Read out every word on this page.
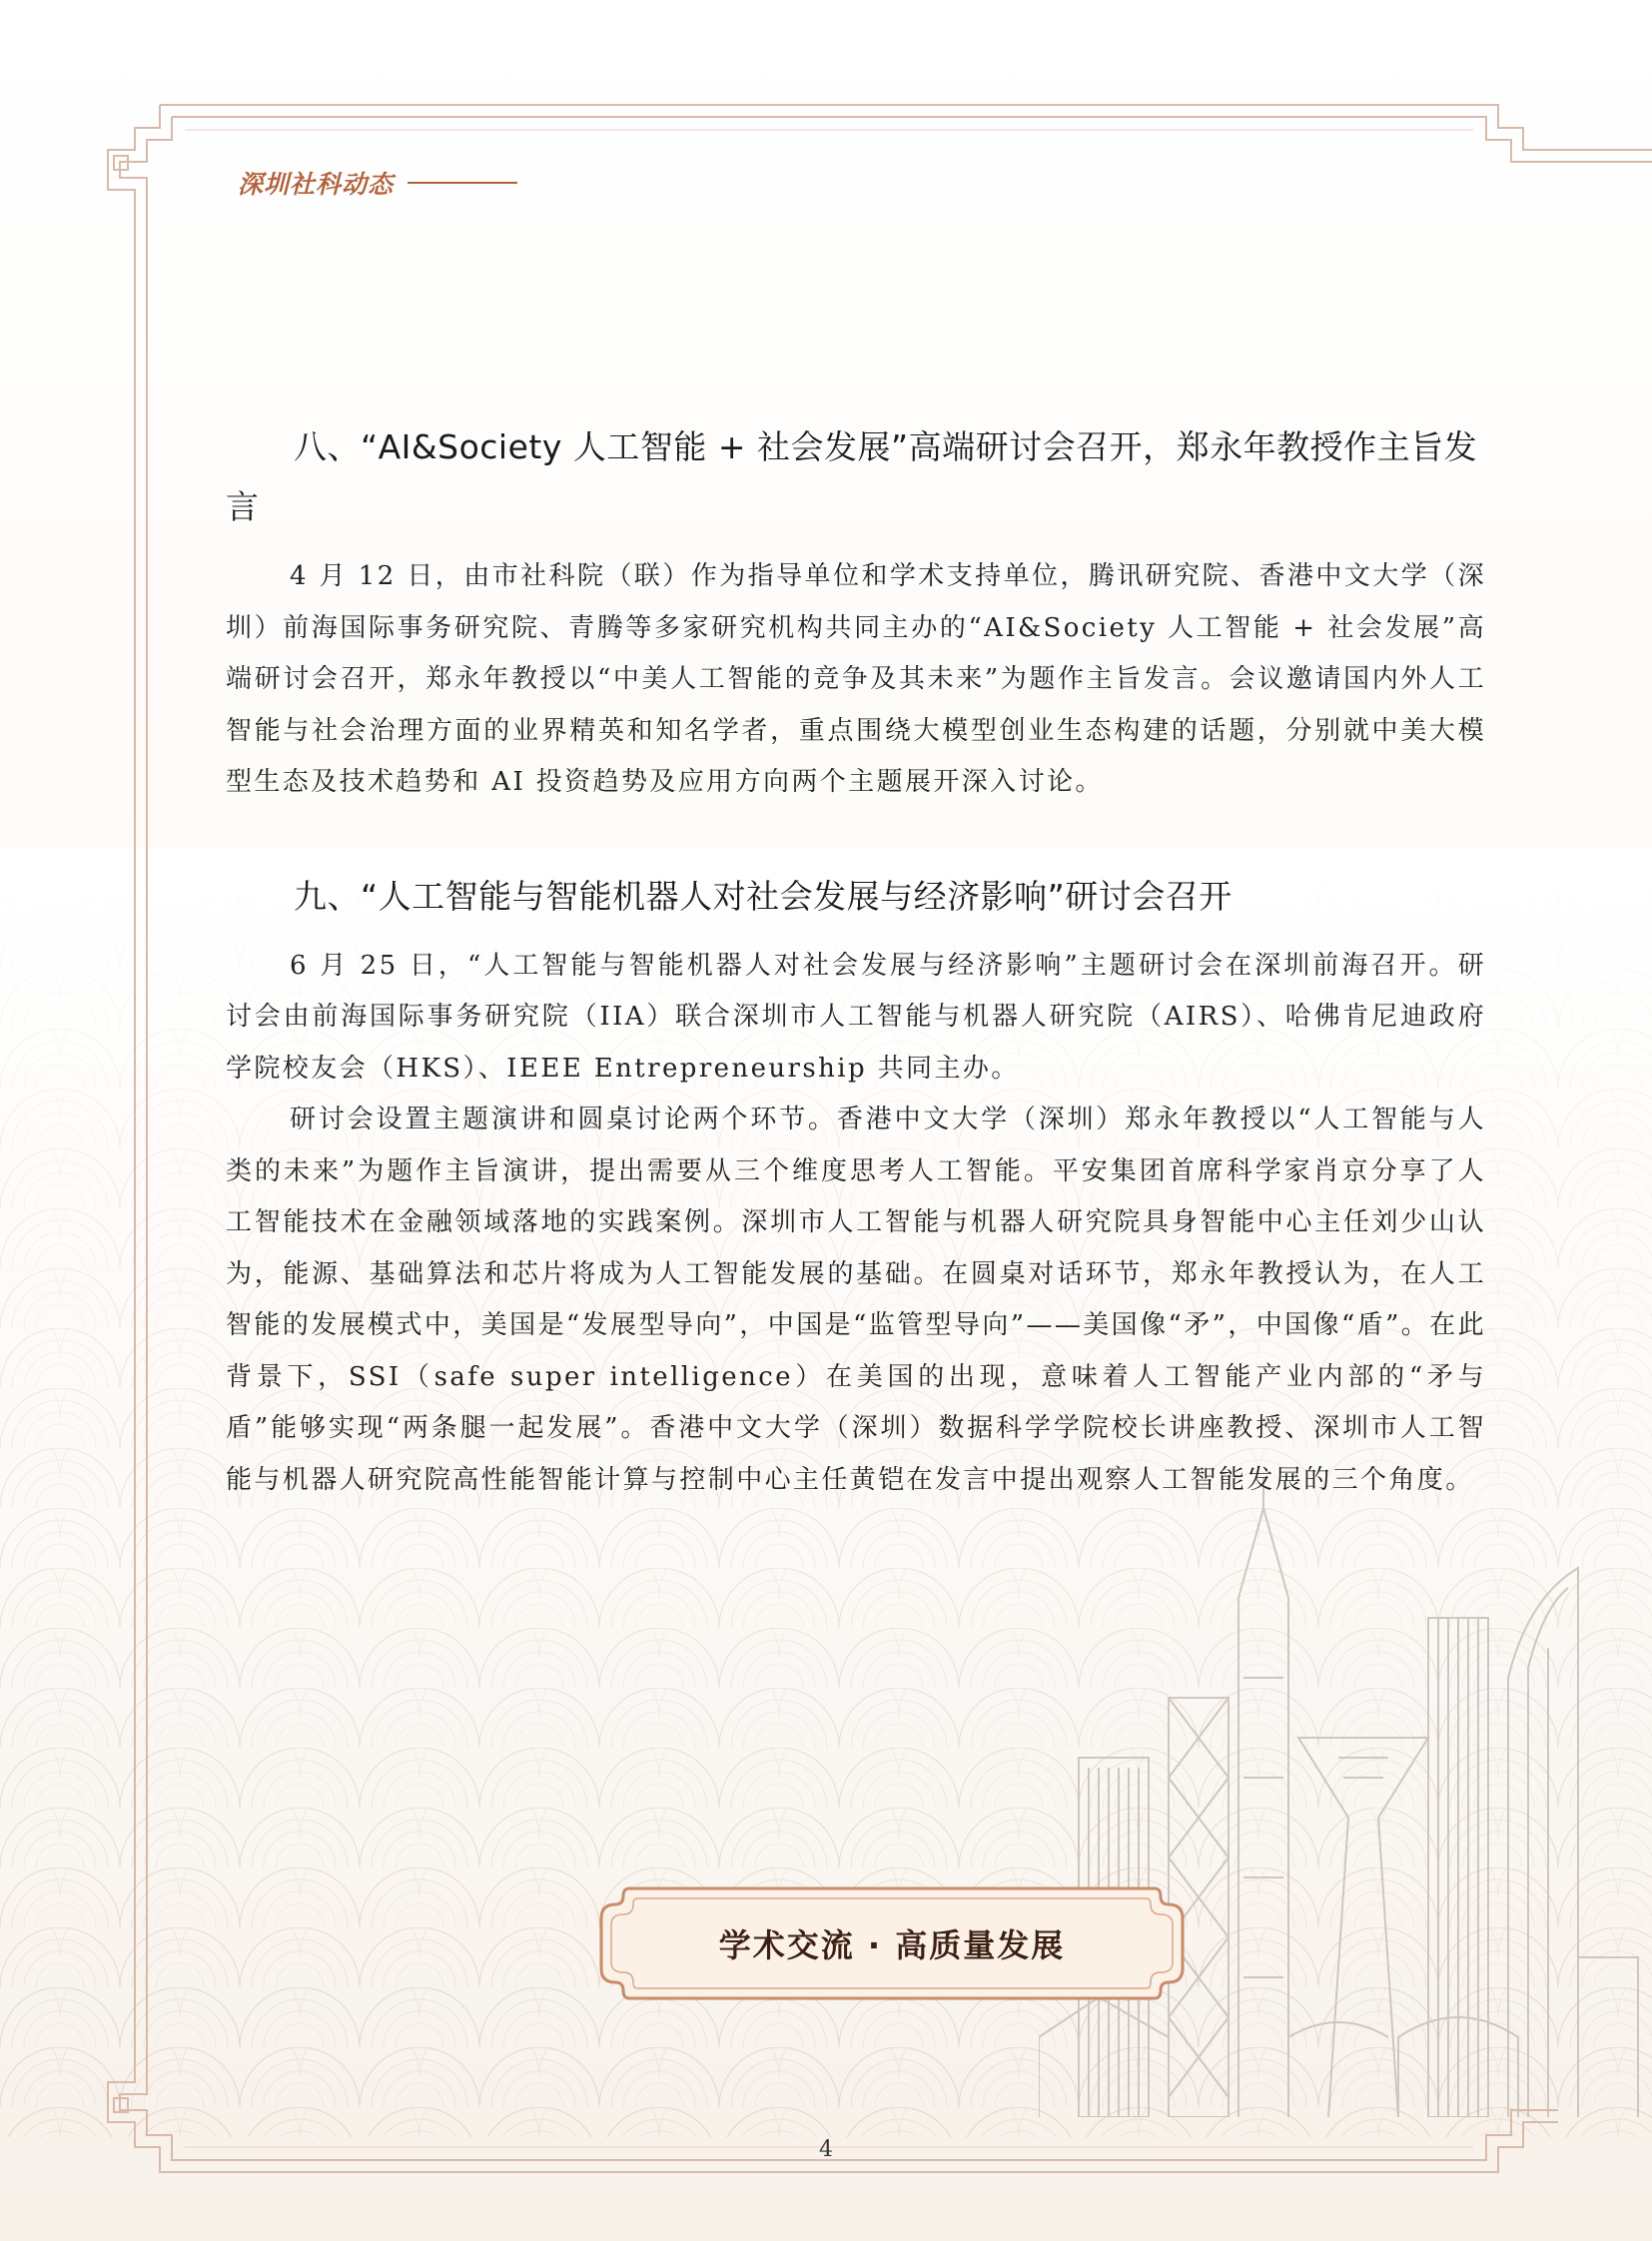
深圳社科动态
八、“AI&Society 人工智能 + 社会发展”高端研讨会召开，郑永年教授作主旨发言

4 月 12 日，由市社科院（联）作为指导单位和学术支持单位，腾讯研究院、香港中文大学（深圳）前海国际事务研究院、青腾等多家研究机构共同主办的“AI&Society 人工智能 + 社会发展”高端研讨会召开，郑永年教授以“中美人工智能的竞争及其未来”为题作主旨发言。会议邀请国内外人工智能与社会治理方面的业界精英和知名学者，重点围绕大模型创业生态构建的话题，分别就中美大模型生态及技术趋势和 AI 投资趋势及应用方向两个主题展开深入讨论。

九、“人工智能与智能机器人对社会发展与经济影响”研讨会召开

6 月 25 日，“人工智能与智能机器人对社会发展与经济影响”主题研讨会在深圳前海召开。研讨会由前海国际事务研究院（IIA）联合深圳市人工智能与机器人研究院（AIRS）、哈佛肯尼迪政府学院校友会（HKS）、IEEE Entrepreneurship 共同主办。

研讨会设置主题演讲和圆桌讨论两个环节。香港中文大学（深圳）郑永年教授以“人工智能与人类的未来”为题作主旨演讲，提出需要从三个维度思考人工智能。平安集团首席科学家肖京分享了人工智能技术在金融领域落地的实践案例。深圳市人工智能与机器人研究院具身智能中心主任刘少山认为，能源、基础算法和芯片将成为人工智能发展的基础。在圆桌对话环节，郑永年教授认为，在人工智能的发展模式中，美国是“发展型导向”，中国是“监管型导向”——美国像“矛”，中国像“盾”。在此背景下，SSI（safe super intelligence）在美国的出现，意味着人工智能产业内部的“矛与盾”能够实现“两条腿一起发展”。香港中文大学（深圳）数据科学学院校长讲座教授、深圳市人工智能与机器人研究院高性能智能计算与控制中心主任黄铠在发言中提出观察人工智能发展的三个角度。

学术交流 · 高质量发展
4
